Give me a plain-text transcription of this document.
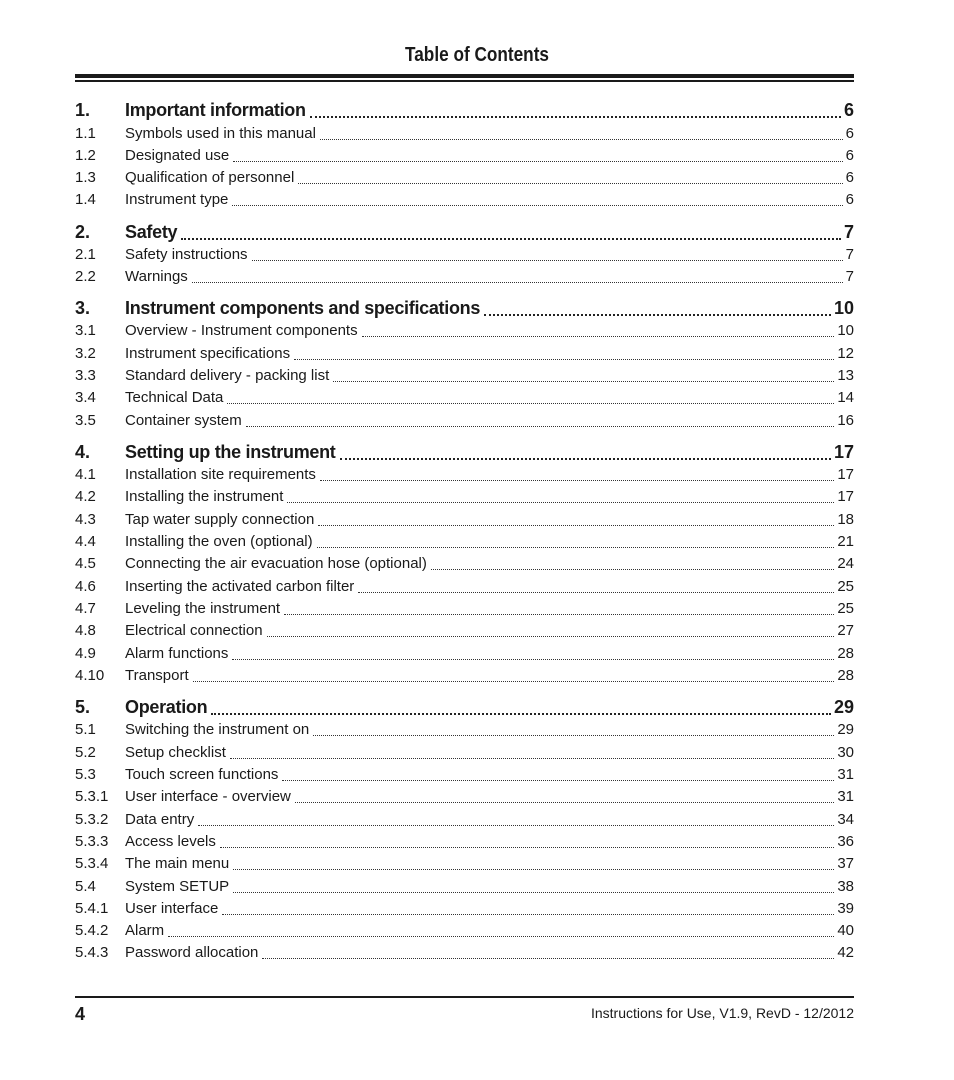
Table of Contents
1.	Important information	6
1.1	Symbols used in this manual	6
1.2	Designated use	6
1.3	Qualification of personnel	6
1.4	Instrument type	6
2.	Safety	7
2.1	Safety instructions	7
2.2	Warnings	7
3.	Instrument components and specifications	10
3.1	Overview - Instrument components	10
3.2	Instrument specifications	12
3.3	Standard delivery - packing list	13
3.4	Technical Data	14
3.5	Container system	16
4.	Setting up the instrument	17
4.1	Installation site requirements	17
4.2	Installing the instrument	17
4.3	Tap water supply connection	18
4.4	Installing the oven (optional)	21
4.5	Connecting the air evacuation hose (optional)	24
4.6	Inserting the activated carbon filter	25
4.7	Leveling the instrument	25
4.8	Electrical connection	27
4.9	Alarm functions	28
4.10	Transport	28
5.	Operation	29
5.1	Switching the instrument on	29
5.2	Setup checklist	30
5.3	Touch screen functions	31
5.3.1	User interface - overview	31
5.3.2	Data entry	34
5.3.3	Access levels	36
5.3.4	The main menu	37
5.4	System SETUP	38
5.4.1	User interface	39
5.4.2	Alarm	40
5.4.3	Password allocation	42
4	Instructions for Use, V1.9, RevD - 12/2012
